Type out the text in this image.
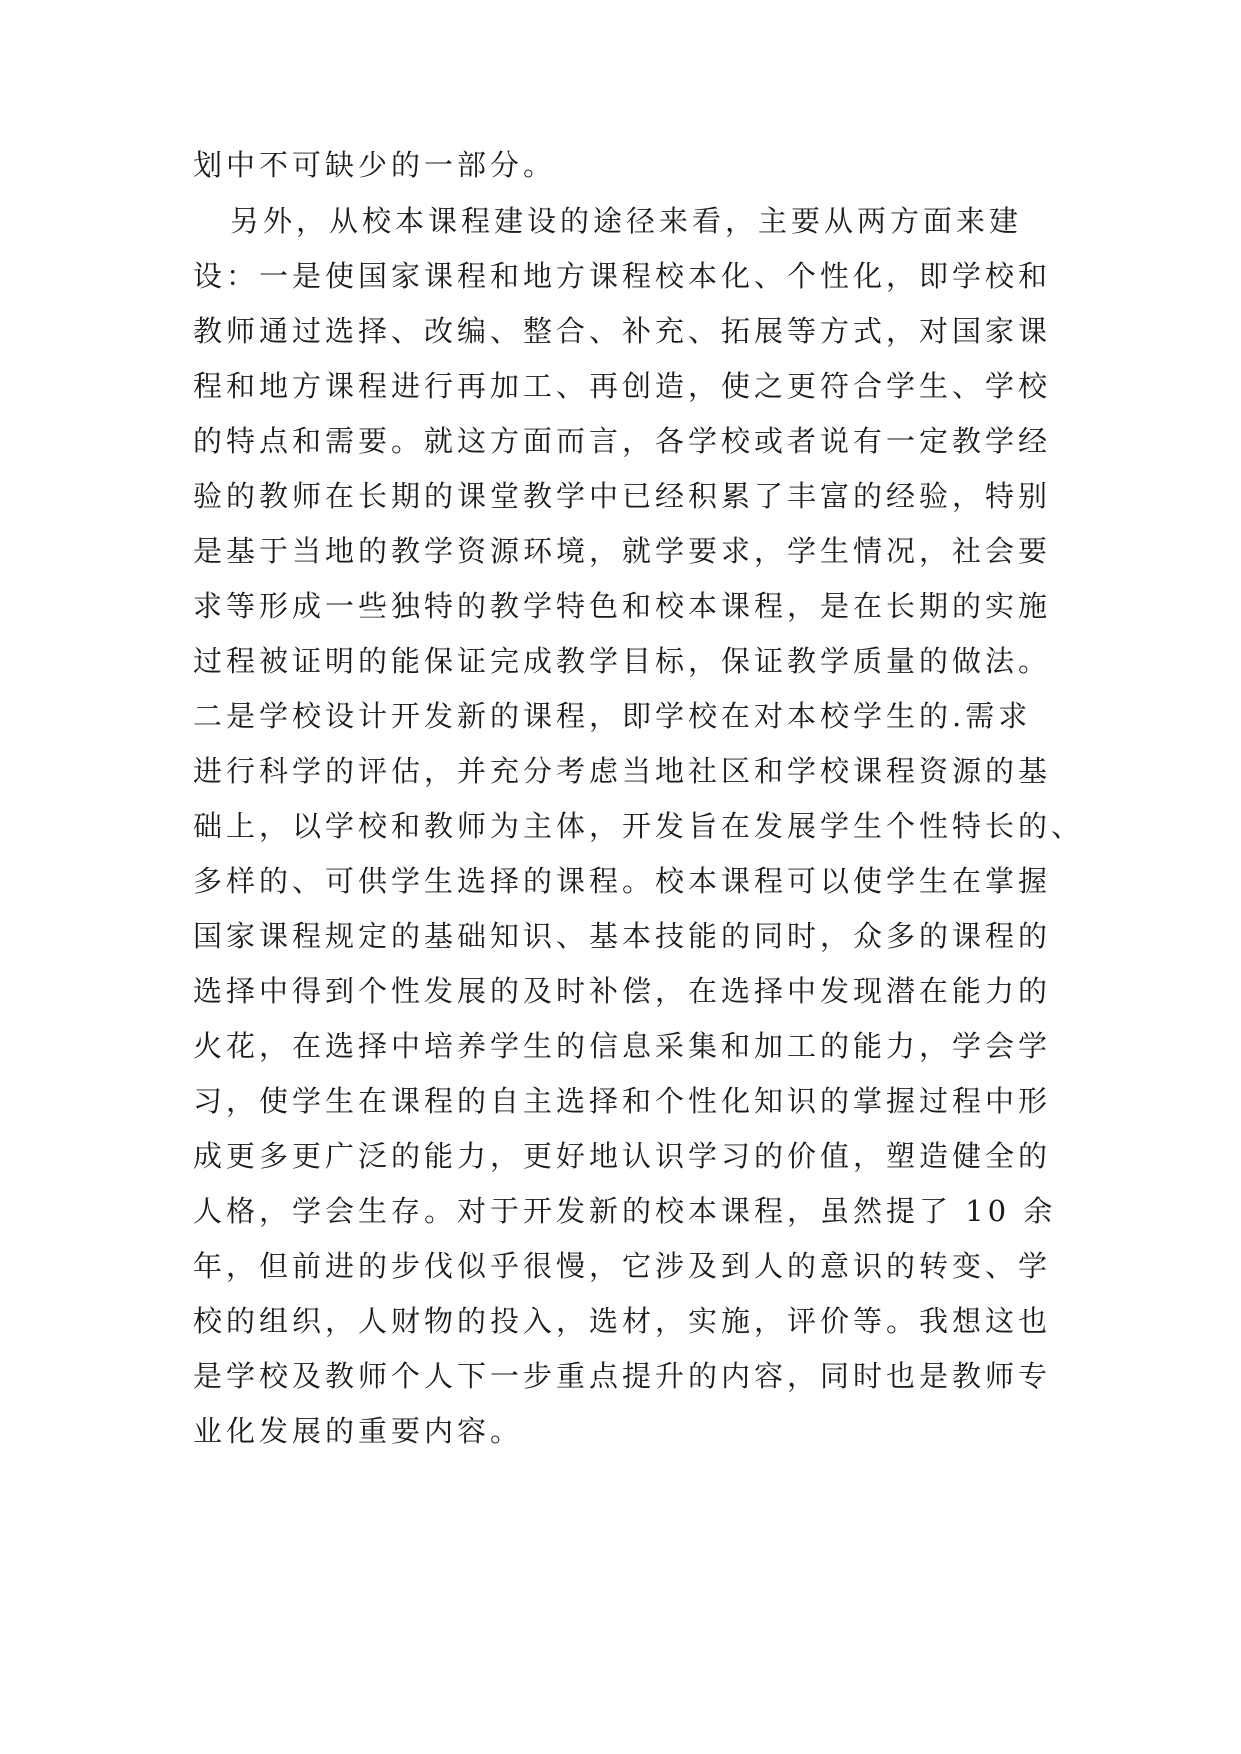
划中不可缺少的一部分。

另外，从校本课程建设的途径来看，主要从两方面来建

设：一是使国家课程和地方课程校本化、个性化，即学校和

教师通过选择、改编、整合、补充、拓展等方式，对国家课

程和地方课程进行再加工、再创造，使之更符合学生、学校

的特点和需要。就这方面而言，各学校或者说有一定教学经

验的教师在长期的课堂教学中已经积累了丰富的经验，特别

是基于当地的教学资源环境，就学要求，学生情况，社会要

求等形成一些独特的教学特色和校本课程，是在长期的实施

过程被证明的能保证完成教学目标，保证教学质量的做法。

二是学校设计开发新的课程，即学校在对本校学生的.需求

进行科学的评估，并充分考虑当地社区和学校课程资源的基

础上，以学校和教师为主体，开发旨在发展学生个性特长的、

多样的、可供学生选择的课程。校本课程可以使学生在掌握

国家课程规定的基础知识、基本技能的同时，众多的课程的

选择中得到个性发展的及时补偿，在选择中发现潜在能力的

火花，在选择中培养学生的信息采集和加工的能力，学会学

习，使学生在课程的自主选择和个性化知识的掌握过程中形

成更多更广泛的能力，更好地认识学习的价值，塑造健全的

人格，学会生存。对于开发新的校本课程，虽然提了 10 余

年，但前进的步伐似乎很慢，它涉及到人的意识的转变、学

校的组织，人财物的投入，选材，实施，评价等。我想这也

是学校及教师个人下一步重点提升的内容，同时也是教师专

业化发展的重要内容。
